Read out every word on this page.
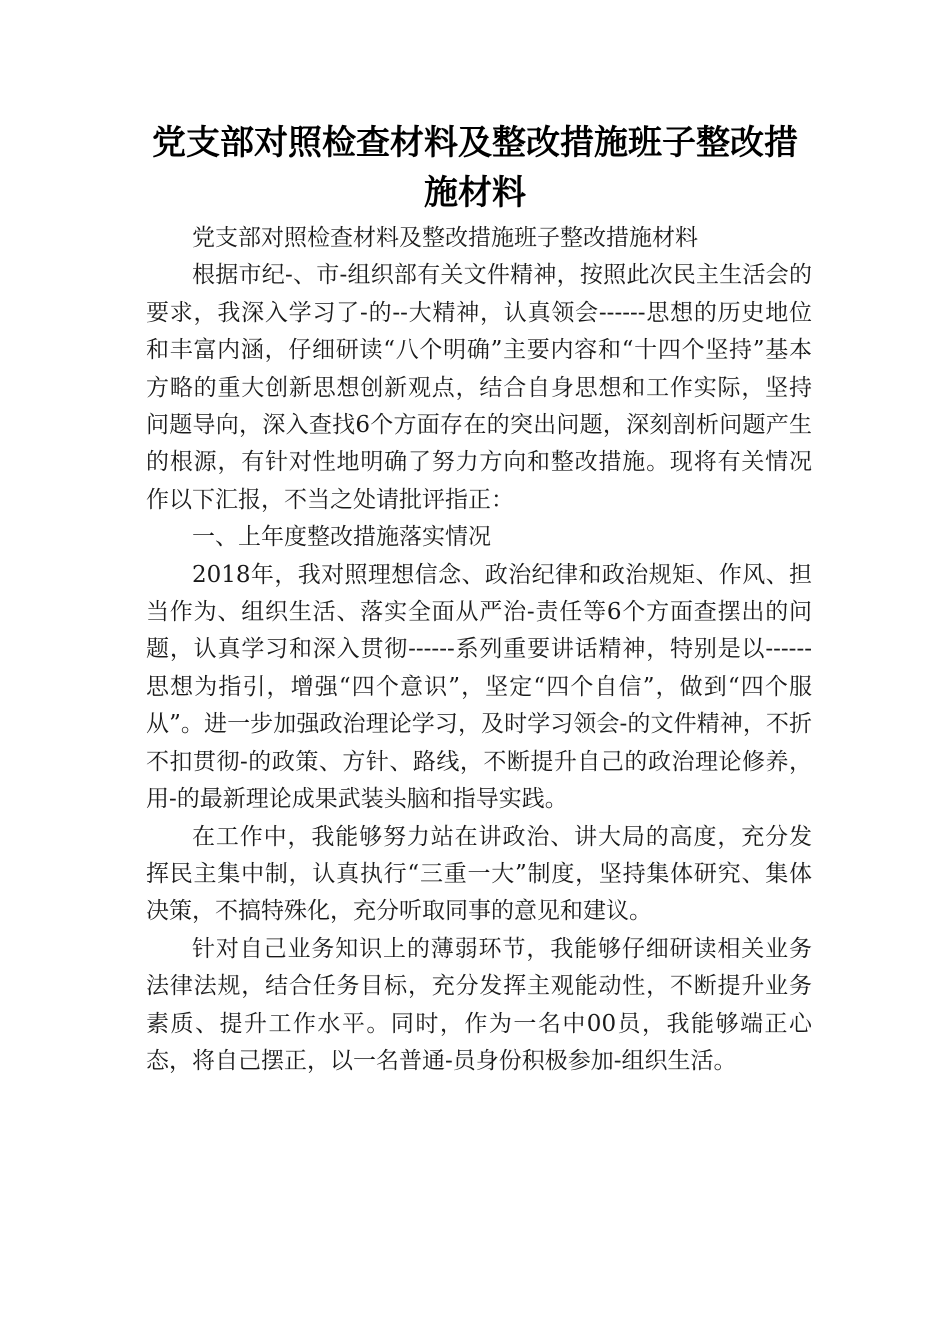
党支部对照检查材料及整改措施班子整改措施材料

党支部对照检查材料及整改措施班子整改措施材料

根据市纪-、市-组织部有关文件精神，按照此次民主生活会的要求，我深入学习了-的--大精神，认真领会------思想的历史地位和丰富内涵，仔细研读“八个明确”主要内容和“十四个坚持”基本方略的重大创新思想创新观点，结合自身思想和工作实际，坚持问题导向，深入查找6个方面存在的突出问题，深刻剖析问题产生的根源，有针对性地明确了努力方向和整改措施。现将有关情况作以下汇报，不当之处请批评指正：

一、上年度整改措施落实情况

2018年，我对照理想信念、政治纪律和政治规矩、作风、担当作为、组织生活、落实全面从严治-责任等6个方面查摆出的问题，认真学习和深入贯彻------系列重要讲话精神，特别是以------思想为指引，增强“四个意识”，坚定“四个自信”，做到“四个服从”。进一步加强政治理论学习，及时学习领会-的文件精神，不折不扣贯彻-的政策、方针、路线，不断提升自己的政治理论修养，用-的最新理论成果武装头脑和指导实践。

在工作中，我能够努力站在讲政治、讲大局的高度，充分发挥民主集中制，认真执行“三重一大”制度，坚持集体研究、集体决策，不搞特殊化，充分听取同事的意见和建议。

针对自己业务知识上的薄弱环节，我能够仔细研读相关业务法律法规，结合任务目标，充分发挥主观能动性，不断提升业务素质、提升工作水平。同时，作为一名中00员，我能够端正心态，将自己摆正，以一名普通-员身份积极参加-组织生活。
